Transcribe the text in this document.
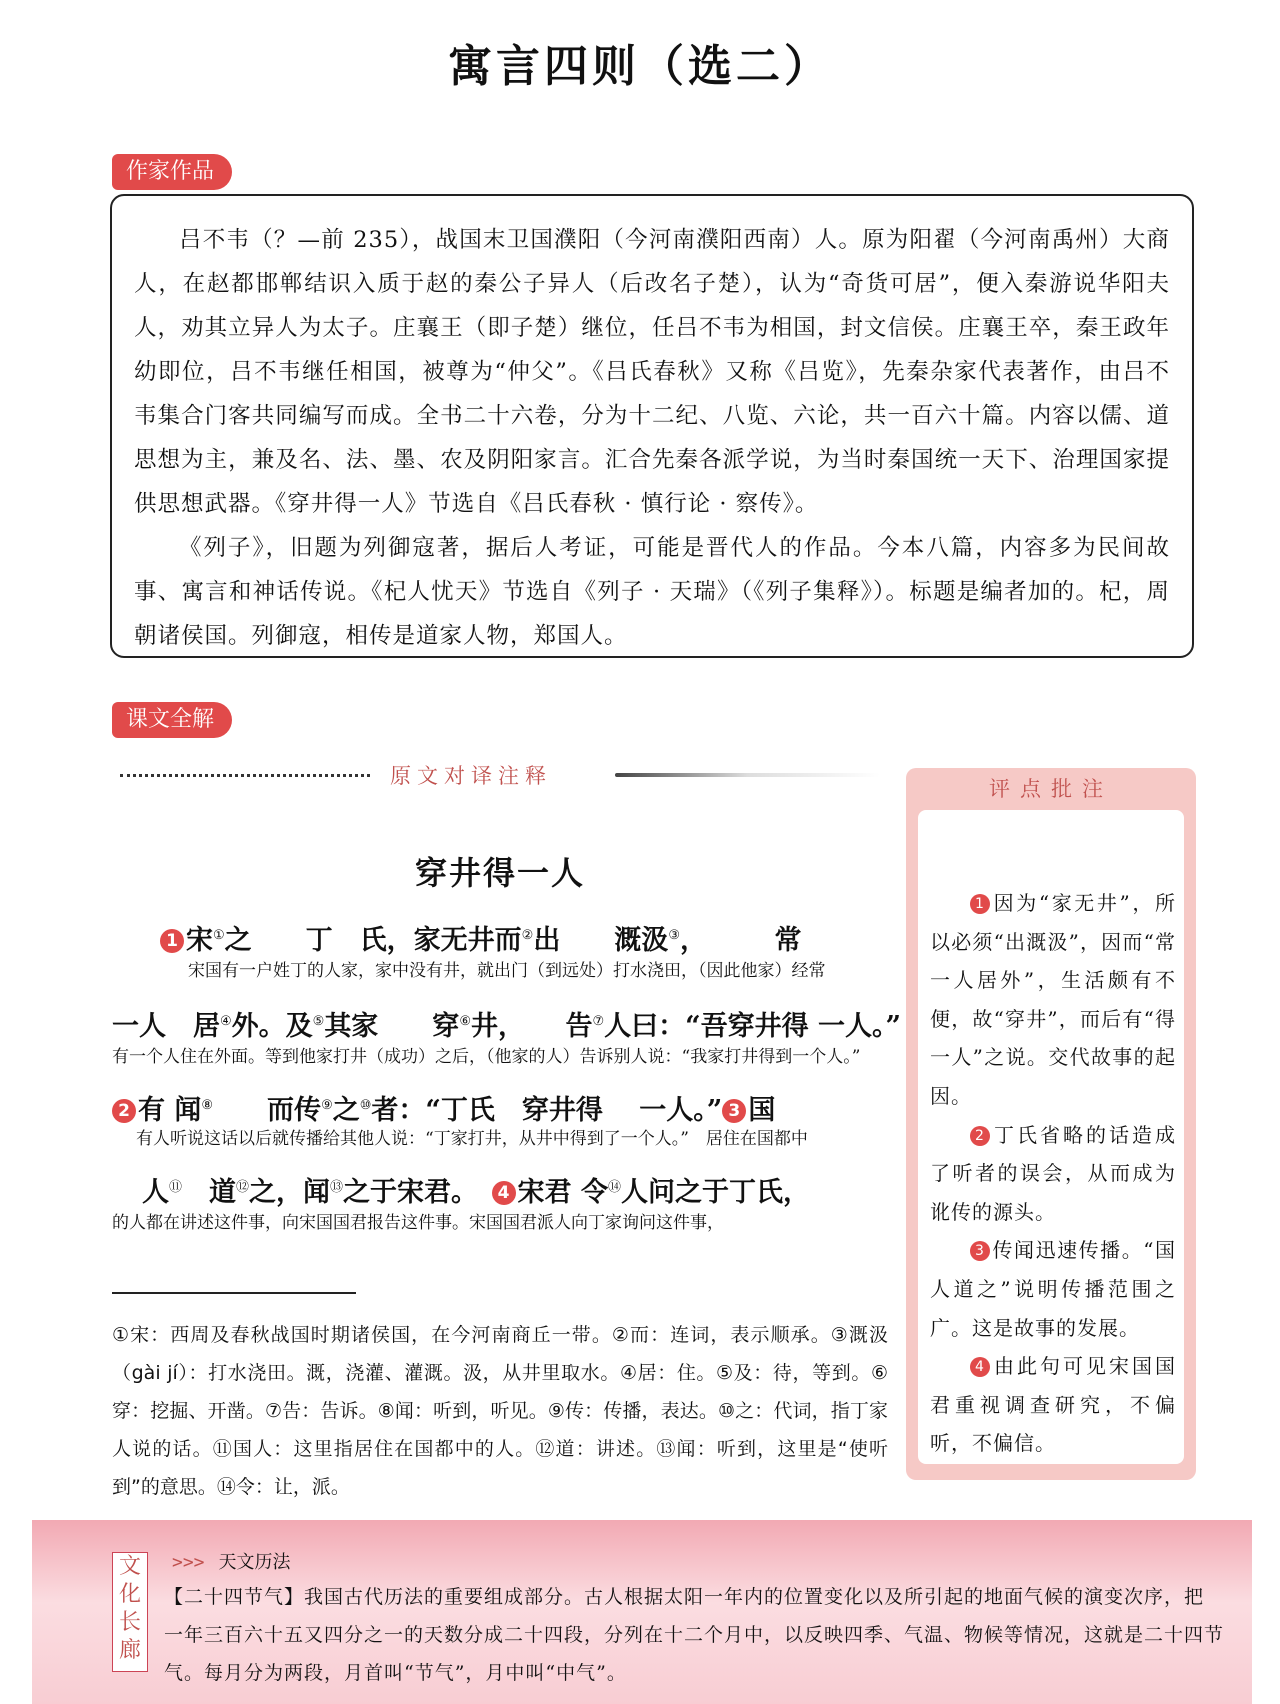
寓言四则（选二）
作家作品

吕不韦（？—前 235），战国末卫国濮阳（今河南濮阳西南）人。原为阳翟（今河南禹州）大商人，在赵都邯郸结识入质于赵的秦公子异人（后改名子楚），认为“奇货可居”，便入秦游说华阳夫人，劝其立异人为太子。庄襄王（即子楚）继位，任吕不韦为相国，封文信侯。庄襄王卒，秦王政年幼即位，吕不韦继任相国，被尊为“仲父”。《吕氏春秋》又称《吕览》，先秦杂家代表著作，由吕不韦集合门客共同编写而成。全书二十六卷，分为十二纪、八览、六论，共一百六十篇。内容以儒、道思想为主，兼及名、法、墨、农及阴阳家言。汇合先秦各派学说，为当时秦国统一天下、治理国家提供思想武器。《穿井得一人》节选自《吕氏春秋 · 慎行论 · 察传》。

《列子》，旧题为列御寇著，据后人考证，可能是晋代人的作品。今本八篇，内容多为民间故事、寓言和神话传说。《杞人忧天》节选自《列子 · 天瑞》（《列子集释》）。标题是编者加的。杞，周朝诸侯国。列御寇，相传是道家人物，郑国人。

课文全解
原文对译注释
评点批注

1 因为“家无井”，所以必须“出溉汲”，因而“常一人居外”，生活颇有不便，故“穿井”，而后有“得一人”之说。交代故事的起因。

2 丁氏省略的话造成了听者的误会，从而成为讹传的源头。

3 传闻迅速传播。“国人道之”说明传播范围之广。这是故事的发展。

4 由此句可见宋国国君重视调查研究，不偏听，不偏信。

穿井得一人
1 宋①之　　丁　氏，家无井而②出　　溉汲③，　　　常
宋国有一户姓丁的人家，家中没有井，就出门（到远处）打水浇田，（因此他家）经常
一人　居④外。及⑤其家　　穿⑥井，　　告⑦人曰：“吾穿井得 一人。”
有一个人住在外面。等到他家打井（成功）之后，（他家的人）告诉别人说：“我家打井得到一个人。”
2 有 闻⑧　　而传⑨之⑩者：“丁氏　穿井得　 一人。” 3 国
有人听说这话以后就传播给其他人说：“丁家打井，从井中得到了一个人。”　居住在国都中
人⑪　道⑫之，闻⑬之于宋君。　4 宋君 令⑭人问之于丁氏，
的人都在讲述这件事，向宋国国君报告这件事。宋国国君派人向丁家询问这件事，

①宋：西周及春秋战国时期诸侯国，在今河南商丘一带。②而：连词，表示顺承。③溉汲（gài jí）：打水浇田。溉，浇灌、灌溉。汲，从井里取水。④居：住。⑤及：待，等到。⑥穿：挖掘、开凿。⑦告：告诉。⑧闻：听到，听见。⑨传：传播，表达。⑩之：代词，指丁家人说的话。⑪国人：这里指居住在国都中的人。⑫道：讲述。⑬闻：听到，这里是“使听到”的意思。⑭令：让，派。

文化长廊
>>> 天文历法

【二十四节气】我国古代历法的重要组成部分。古人根据太阳一年内的位置变化以及所引起的地面气候的演变次序，把一年三百六十五又四分之一的天数分成二十四段，分列在十二个月中，以反映四季、气温、物候等情况，这就是二十四节气。每月分为两段，月首叫“节气”，月中叫“中气”。
